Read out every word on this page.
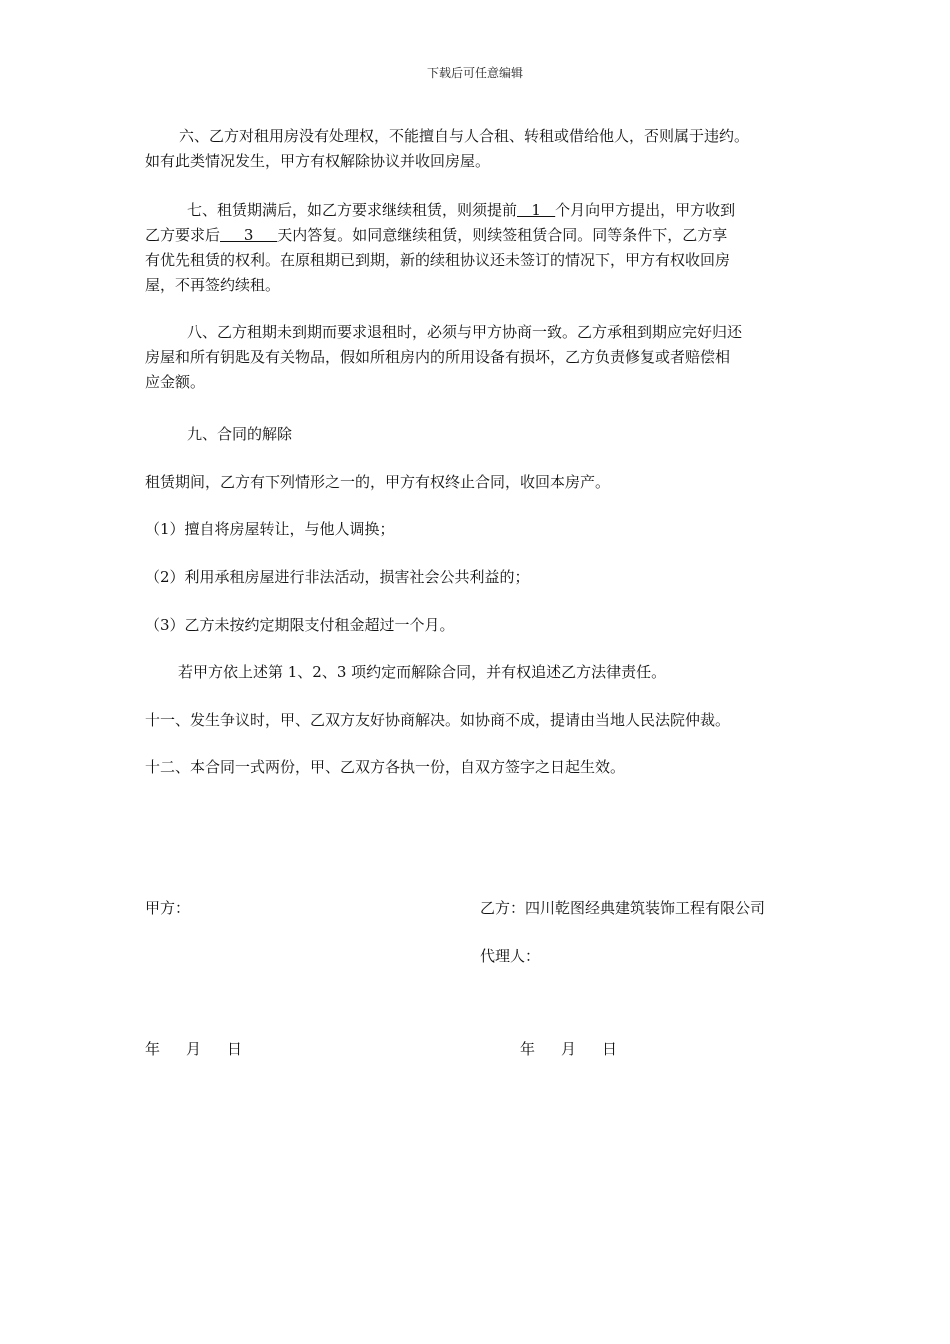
下载后可任意编辑
六、乙方对租用房没有处理权，不能擅自与人合租、转租或借给他人，否则属于违约。
如有此类情况发生，甲方有权解除协议并收回房屋。
七、租赁期满后，如乙方要求继续租赁，则须提前   1   个月向甲方提出，甲方收到
乙方要求后     3     天内答复。如同意继续租赁，则续签租赁合同。同等条件下，乙方享
有优先租赁的权利。在原租期已到期，新的续租协议还未签订的情况下，甲方有权收回房
屋，不再签约续租。
八、乙方租期未到期而要求退租时，必须与甲方协商一致。乙方承租到期应完好归还
房屋和所有钥匙及有关物品，假如所租房内的所用设备有损坏，乙方负责修复或者赔偿相
应金额。
九、合同的解除
租赁期间，乙方有下列情形之一的，甲方有权终止合同，收回本房产。
（1）擅自将房屋转让，与他人调换；
（2）利用承租房屋进行非法活动，损害社会公共利益的；
（3）乙方未按约定期限支付租金超过一个月。
若甲方依上述第 1、2、3 项约定而解除合同，并有权追述乙方法律责任。
十一、发生争议时，甲、乙双方友好协商解决。如协商不成，提请由当地人民法院仲裁。
十二、本合同一式两份，甲、乙双方各执一份，自双方签字之日起生效。
甲方：	乙方：四川乾图经典建筑装饰工程有限公司
代理人：
年 月 日	年 月 日
